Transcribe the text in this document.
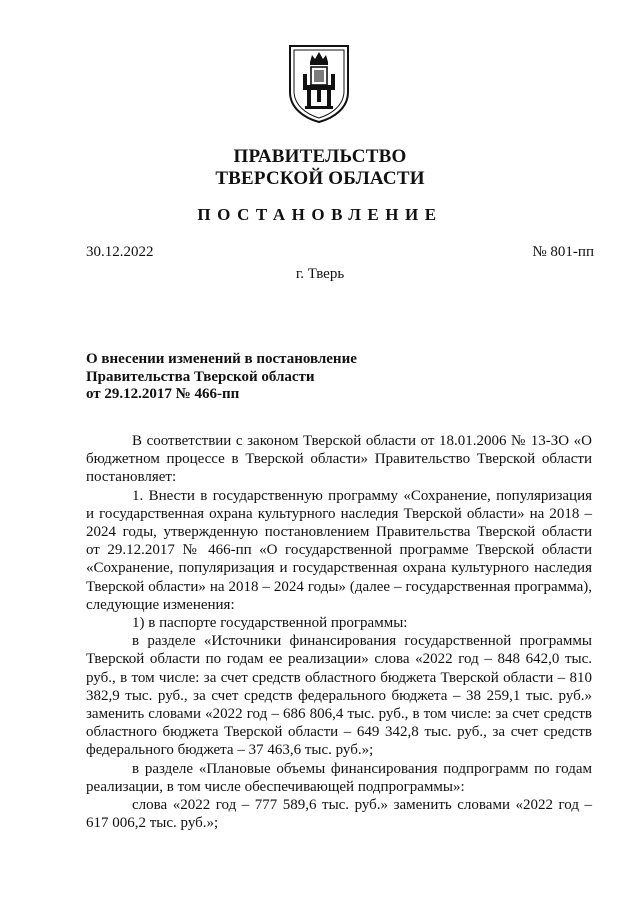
ПРАВИТЕЛЬСТВО
ТВЕРСКОЙ ОБЛАСТИ
ПОСТАНОВЛЕНИЕ
30.12.2022	№ 801-пп
г. Тверь
О внесении изменений в постановление
Правительства Тверской области
от 29.12.2017 № 466-пп

В соответствии с законом Тверской области от 18.01.2006 № 13-ЗО «О бюджетном процессе в Тверской области» Правительство Тверской области постановляет:

1. Внести в государственную программу «Сохранение, популяризация и государственная охрана культурного наследия Тверской области» на 2018 – 2024 годы, утвержденную постановлением Правительства Тверской области от 29.12.2017 № 466-пп «О государственной программе Тверской области «Сохранение, популяризация и государственная охрана культурного наследия Тверской области» на 2018 – 2024 годы» (далее – государственная программа), следующие изменения:

1) в паспорте государственной программы:

в разделе «Источники финансирования государственной программы Тверской области по годам ее реализации» слова «2022 год – 848 642,0 тыс. руб., в том числе: за счет средств областного бюджета Тверской области – 810 382,9 тыс. руб., за счет средств федерального бюджета – 38 259,1 тыс. руб.» заменить словами «2022 год – 686 806,4 тыс. руб., в том числе: за счет средств областного бюджета Тверской области – 649 342,8 тыс. руб., за счет средств федерального бюджета – 37 463,6 тыс. руб.»;

в разделе «Плановые объемы финансирования подпрограмм по годам реализации, в том числе обеспечивающей подпрограммы»:

слова «2022 год – 777 589,6 тыс. руб.» заменить словами «2022 год – 617 006,2 тыс. руб.»;
